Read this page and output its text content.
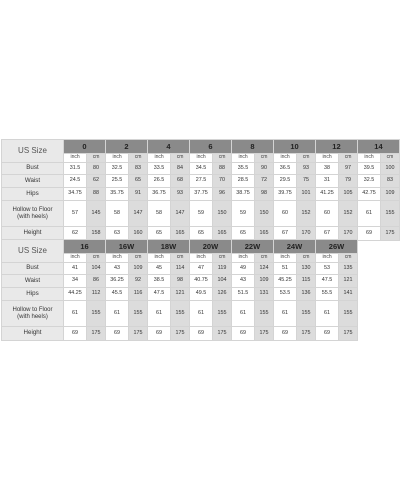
US Size	0		2		4		6		8		10		12		14	
	inch	cm	inch	cm	inch	cm	inch	cm	inch	cm	inch	cm	inch	cm	inch	cm
Bust	31.5	80	32.5	83	33.5	84	34.5	88	35.5	90	36.5	93	38	97	39.5	100
Waist	24.5	62	25.5	65	26.5	68	27.5	70	28.5	72	29.5	75	31	79	32.5	83
Hips	34.75	88	35.75	91	36.75	93	37.75	96	38.75	98	39.75	101	41.25	105	42.75	109
Hollow to Floor
(with heels)	57	145	58	147	58	147	59	150	59	150	60	152	60	152	61	155
Height	62	158	63	160	65	165	65	165	65	165	67	170	67	170	69	175
US Size	16		16W		18W		20W		22W		24W		26W	
	inch	cm	inch	cm	inch	cm	inch	cm	inch	cm	inch	cm	inch	cm
Bust	41	104	43	109	45	114	47	119	49	124	51	130	53	135
Waist	34	86	36.25	92	38.5	98	40.75	104	43	109	45.25	115	47.5	121
Hips	44.25	112	45.5	116	47.5	121	49.5	126	51.5	131	53.5	136	55.5	141
Hollow to Floor
(with heels)	61	155	61	155	61	155	61	155	61	155	61	155	61	155
Height	69	175	69	175	69	175	69	175	69	175	69	175	69	175
